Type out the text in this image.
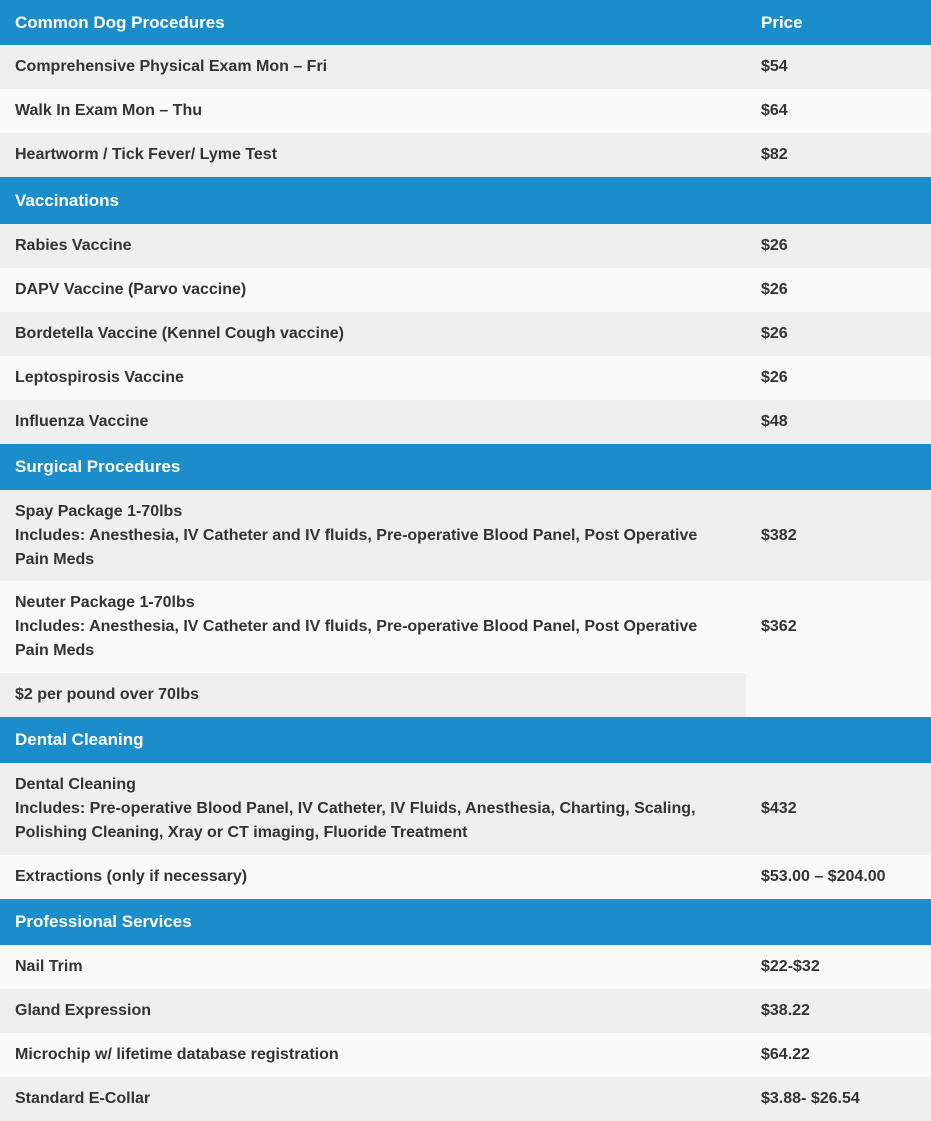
Common Dog Procedures	Price
Comprehensive Physical Exam Mon – Fri	$54
Walk In Exam Mon – Thu	$64
Heartworm / Tick Fever/ Lyme Test	$82
Vaccinations	
Rabies Vaccine	$26
DAPV Vaccine (Parvo vaccine)	$26
Bordetella Vaccine (Kennel Cough vaccine)	$26
Leptospirosis Vaccine	$26
Influenza Vaccine	$48
Surgical Procedures	

Spay Package 1-70lbs
Includes: Anesthesia, IV Catheter and IV fluids, Pre-operative Blood Panel, Post Operative Pain Meds	$382

Neuter Package 1-70lbs
Includes: Anesthesia, IV Catheter and IV fluids, Pre-operative Blood Panel, Post Operative Pain Meds	$362
$2 per pound over 70lbs	
Dental Cleaning	

Dental Cleaning
Includes: Pre-operative Blood Panel, IV Catheter, IV Fluids, Anesthesia, Charting, Scaling, Polishing Cleaning, Xray or CT imaging, Fluoride Treatment	$432
Extractions (only if necessary)	$53.00 – $204.00
Professional Services	
Nail Trim	$22-$32
Gland Expression	$38.22
Microchip w/ lifetime database registration	$64.22
Standard E-Collar	$3.88- $26.54
